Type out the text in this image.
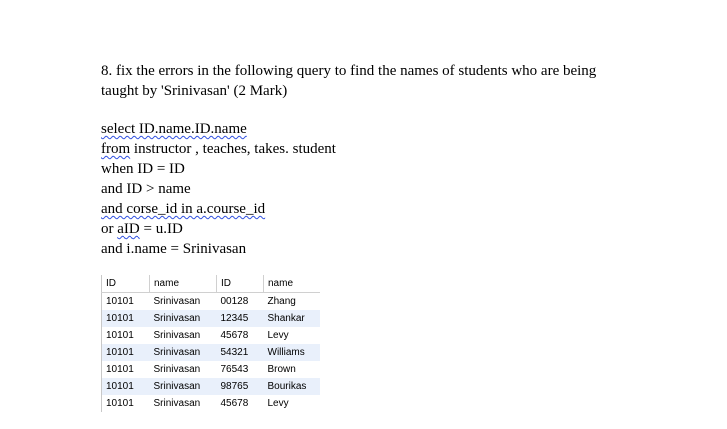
8. fix the errors in the following query to find the names of students who are being

taught by 'Srinivasan' (2 Mark)

select ID.name.ID.name
from instructor , teaches, takes. student
when ID = ID
and ID > name
and corse_id in a.course_id
or aID = u.ID
and i.name = Srinivasan
ID	name	ID	name
10101	Srinivasan	00128	Zhang
10101	Srinivasan	12345	Shankar
10101	Srinivasan	45678	Levy
10101	Srinivasan	54321	Williams
10101	Srinivasan	76543	Brown
10101	Srinivasan	98765	Bourikas
10101	Srinivasan	45678	Levy
